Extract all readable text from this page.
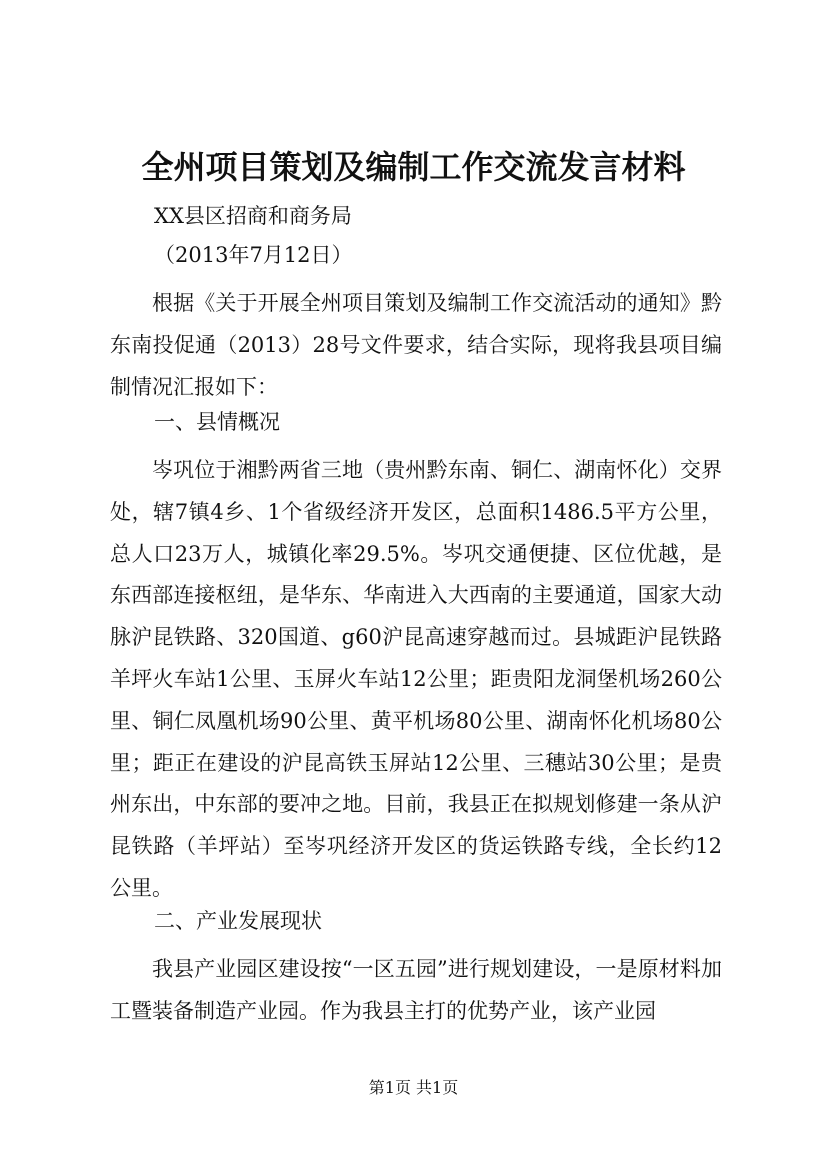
全州项目策划及编制工作交流发言材料
XX县区招商和商务局
（2013年7月12日）
根据《关于开展全州项目策划及编制工作交流活动的通知》黔东南投促通（2013）28号文件要求，结合实际，现将我县项目编制情况汇报如下：
一、县情概况
岑巩位于湘黔两省三地（贵州黔东南、铜仁、湖南怀化）交界处，辖7镇4乡、1个省级经济开发区，总面积1486.5平方公里，总人口23万人，城镇化率29.5%。岑巩交通便捷、区位优越，是东西部连接枢纽，是华东、华南进入大西南的主要通道，国家大动脉沪昆铁路、320国道、g60沪昆高速穿越而过。县城距沪昆铁路羊坪火车站1公里、玉屏火车站12公里；距贵阳龙洞堡机场260公里、铜仁凤凰机场90公里、黄平机场80公里、湖南怀化机场80公里；距正在建设的沪昆高铁玉屏站12公里、三穗站30公里；是贵州东出，中东部的要冲之地。目前，我县正在拟规划修建一条从沪昆铁路（羊坪站）至岑巩经济开发区的货运铁路专线，全长约12公里。
二、产业发展现状
我县产业园区建设按“一区五园”进行规划建设，一是原材料加工暨装备制造产业园。作为我县主打的优势产业，该产业园
第1页 共1页
